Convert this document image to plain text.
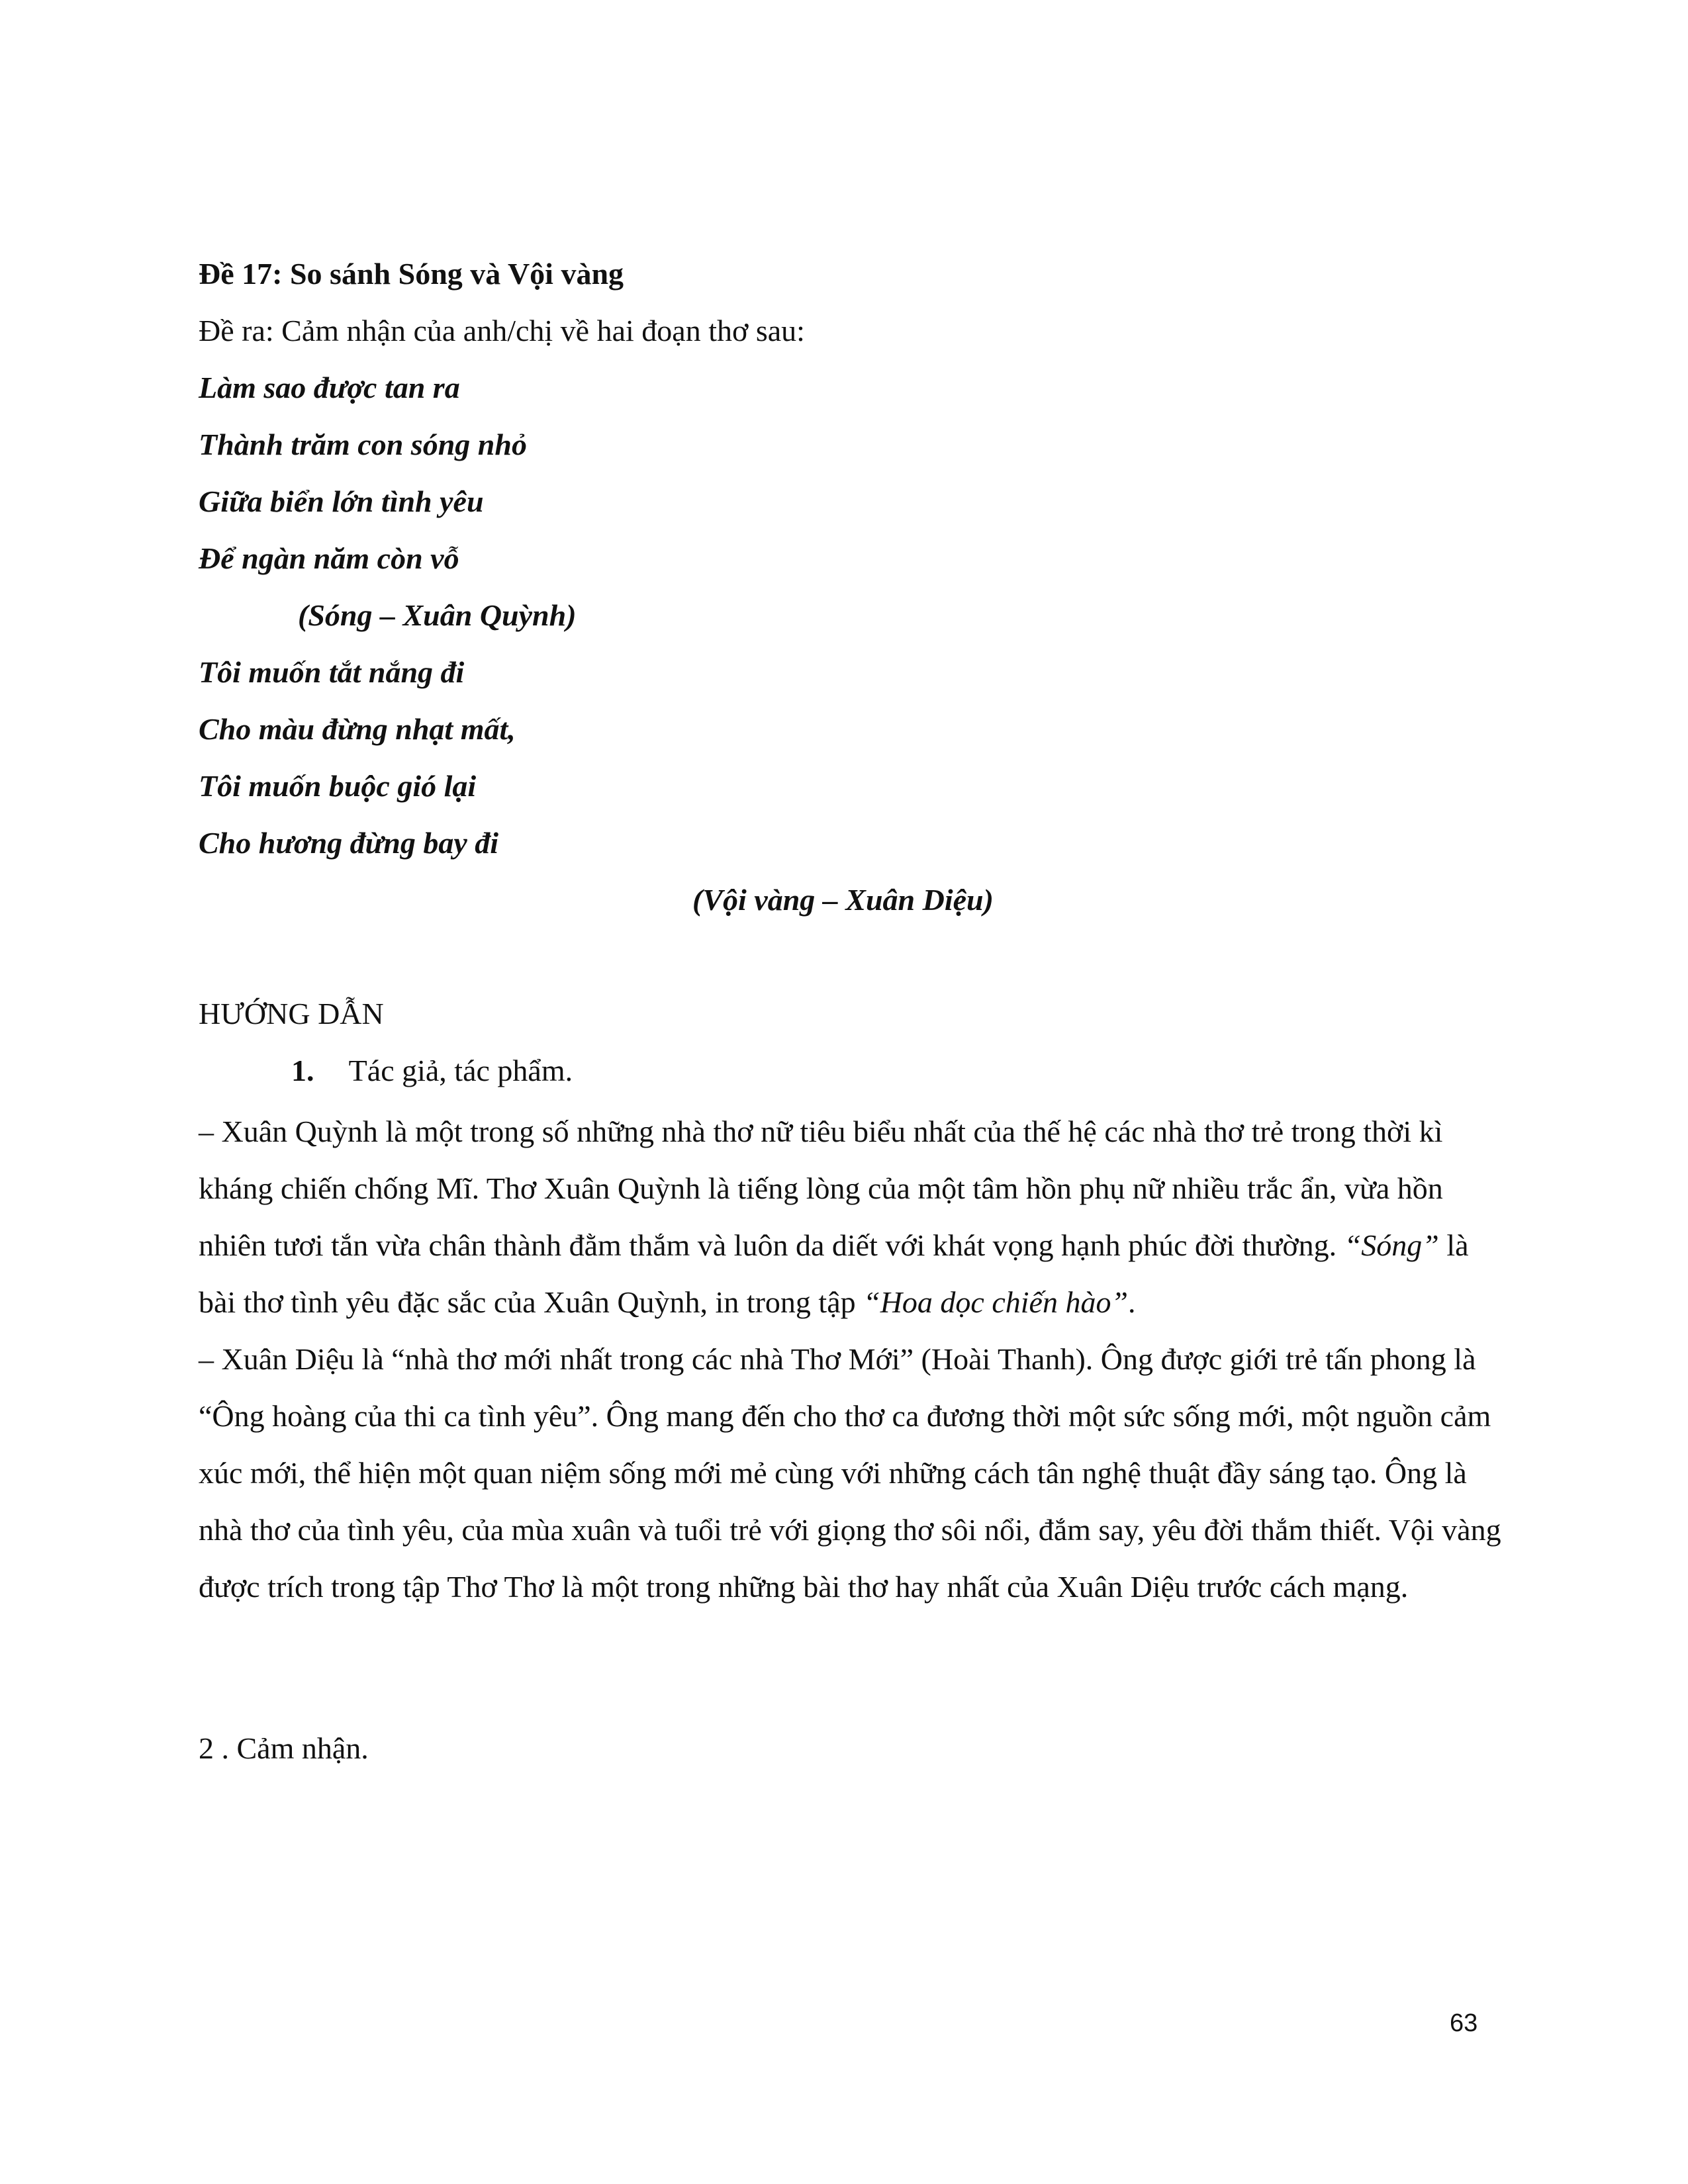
Đề 17: So sánh Sóng và Vội vàng
Đề ra: Cảm nhận của anh/chị về hai đoạn thơ sau:
Làm sao được tan ra
Thành trăm con sóng nhỏ
Giữa biển lớn tình yêu
Để ngàn năm còn vỗ
(Sóng – Xuân Quỳnh)
Tôi muốn tắt nắng đi
Cho màu đừng nhạt mất,
Tôi muốn buộc gió lại
Cho hương đừng bay đi
(Vội vàng – Xuân Diệu)
HƯỚNG DẪN
1. Tác giả, tác phẩm.
– Xuân Quỳnh là một trong số những nhà thơ nữ tiêu biểu nhất của thế hệ các nhà thơ trẻ trong thời kì kháng chiến chống Mĩ. Thơ Xuân Quỳnh là tiếng lòng của một tâm hồn phụ nữ nhiều trắc ẩn, vừa hồn nhiên tươi tắn vừa chân thành đằm thắm và luôn da diết với khát vọng hạnh phúc đời thường. “Sóng” là bài thơ tình yêu đặc sắc của Xuân Quỳnh, in trong tập “Hoa dọc chiến hào”.
– Xuân Diệu là “nhà thơ mới nhất trong các nhà Thơ Mới” (Hoài Thanh). Ông được giới trẻ tấn phong là “Ông hoàng của thi ca tình yêu”. Ông mang đến cho thơ ca đương thời một sức sống mới, một nguồn cảm xúc mới, thể hiện một quan niệm sống mới mẻ cùng với những cách tân nghệ thuật đầy sáng tạo. Ông là nhà thơ của tình yêu, của mùa xuân và tuổi trẻ với giọng thơ sôi nổi, đắm say, yêu đời thắm thiết. Vội vàng được trích trong tập Thơ Thơ là một trong những bài thơ hay nhất của Xuân Diệu trước cách mạng.
2 . Cảm nhận.
63
